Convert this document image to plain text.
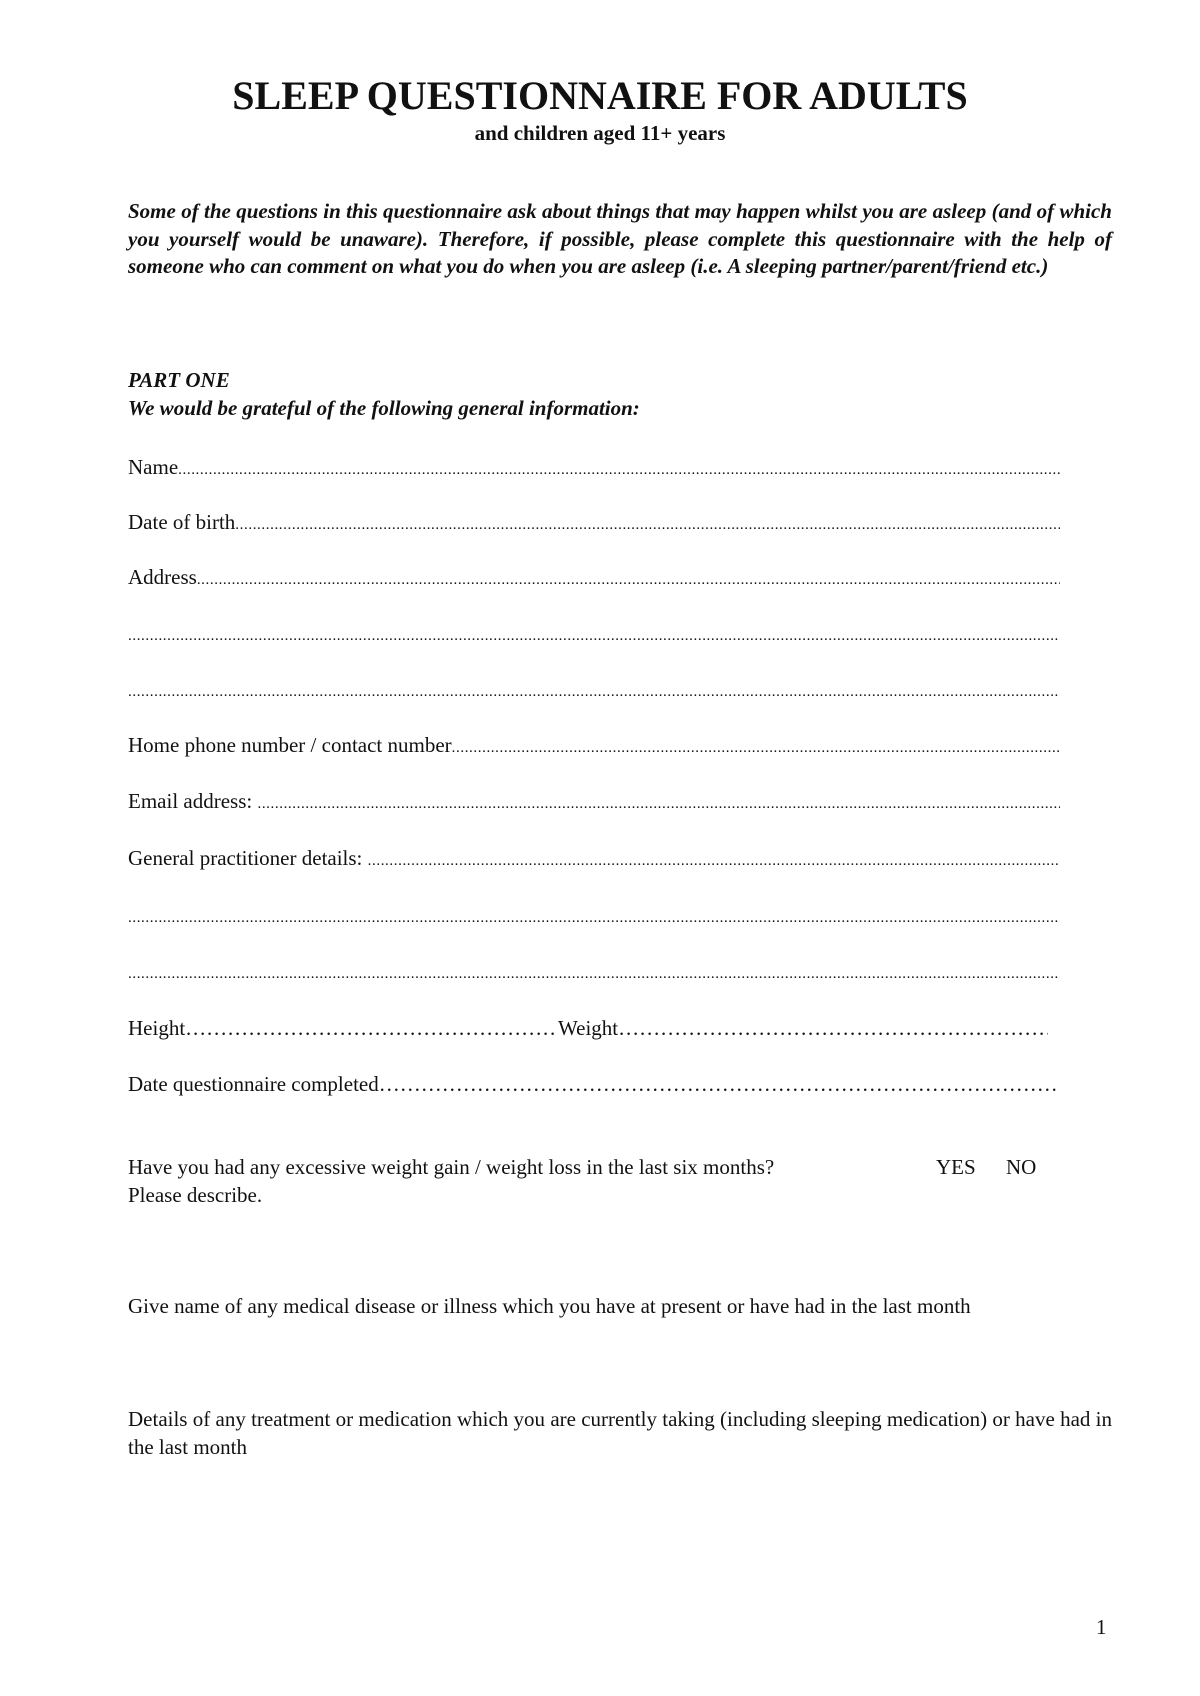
SLEEP QUESTIONNAIRE FOR ADULTS
and children aged 11+ years

Some of the questions in this questionnaire ask about things that may happen whilst you are asleep (and of which you yourself would be unaware). Therefore, if possible, please complete this questionnaire with the help of someone who can comment on what you do when you are asleep (i.e. A sleeping partner/parent/friend etc.)

PART ONE
We would be grateful of the following general information:
Name.....
Date of birth.....
Address.....
.....
.....
Home phone number / contact number.....
Email address: .....
General practitioner details: .....
.....
.....
Height ……………………………………………………………………………………………………………………………………………………	Weight ……………………………………………………………………………………………………………………………………………………
Date questionnaire completed ……………………………………………………………………………………………………………………………………………………
Have you had any excessive weight gain / weight loss in the last six months?
Please describe.
YES NO

Give name of any medical disease or illness which you have at present or have had in the last month

Details of any treatment or medication which you are currently taking (including sleeping medication) or have had in the last month

1
